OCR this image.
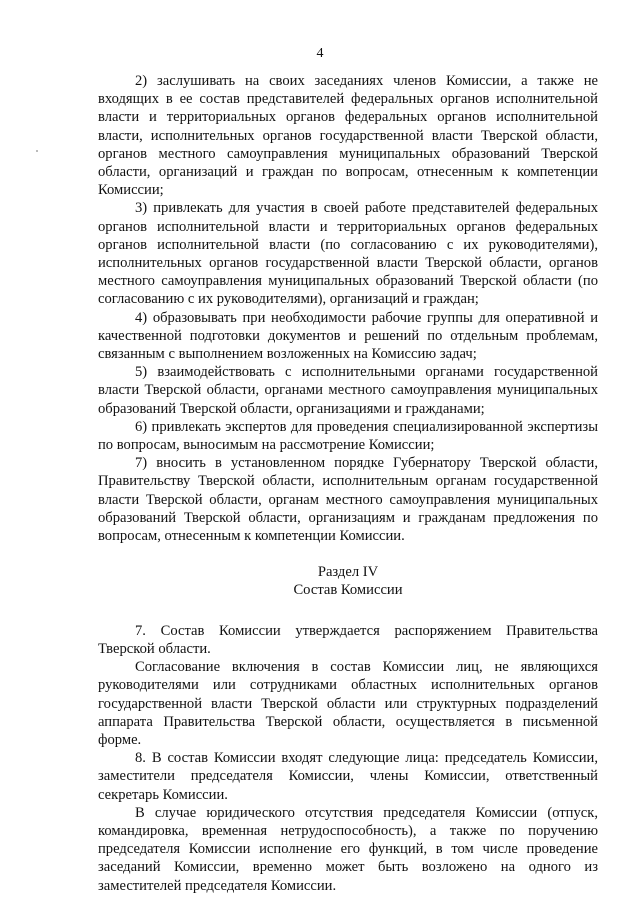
4

2) заслушивать на своих заседаниях членов Комиссии, а также не входящих в ее состав представителей федеральных органов исполнительной власти и территориальных органов федеральных органов исполнительной власти, исполнительных органов государственной власти Тверской области, органов местного самоуправления муниципальных образований Тверской области, организаций и граждан по вопросам, отнесенным к компетенции Комиссии;

3) привлекать для участия в своей работе представителей федеральных органов исполнительной власти и территориальных органов федеральных органов исполнительной власти (по согласованию с их руководителями), исполнительных органов государственной власти Тверской области, органов местного самоуправления муниципальных образований Тверской области (по согласованию с их руководителями), организаций и граждан;

4) образовывать при необходимости рабочие группы для оперативной и качественной подготовки документов и решений по отдельным проблемам, связанным с выполнением возложенных на Комиссию задач;

5) взаимодействовать с исполнительными органами государственной власти Тверской области, органами местного самоуправления муниципальных образований Тверской области, организациями и гражданами;

6) привлекать экспертов для проведения специализированной экспертизы по вопросам, выносимым на рассмотрение Комиссии;

7) вносить в установленном порядке Губернатору Тверской области, Правительству Тверской области, исполнительным органам государственной власти Тверской области, органам местного самоуправления муниципальных образований Тверской области, организациям и гражданам предложения по вопросам, отнесенным к компетенции Комиссии.

Раздел IV

Состав Комиссии

7. Состав Комиссии утверждается распоряжением Правительства Тверской области.

Согласование включения в состав Комиссии лиц, не являющихся руководителями или сотрудниками областных исполнительных органов государственной власти Тверской области или структурных подразделений аппарата Правительства Тверской области, осуществляется в письменной форме.

8. В состав Комиссии входят следующие лица: председатель Комиссии, заместители председателя Комиссии, члены Комиссии, ответственный секретарь Комиссии.

В случае юридического отсутствия председателя Комиссии (отпуск, командировка, временная нетрудоспособность), а также по поручению председателя Комиссии исполнение его функций, в том числе проведение заседаний Комиссии, временно может быть возложено на одного из заместителей председателя Комиссии.
